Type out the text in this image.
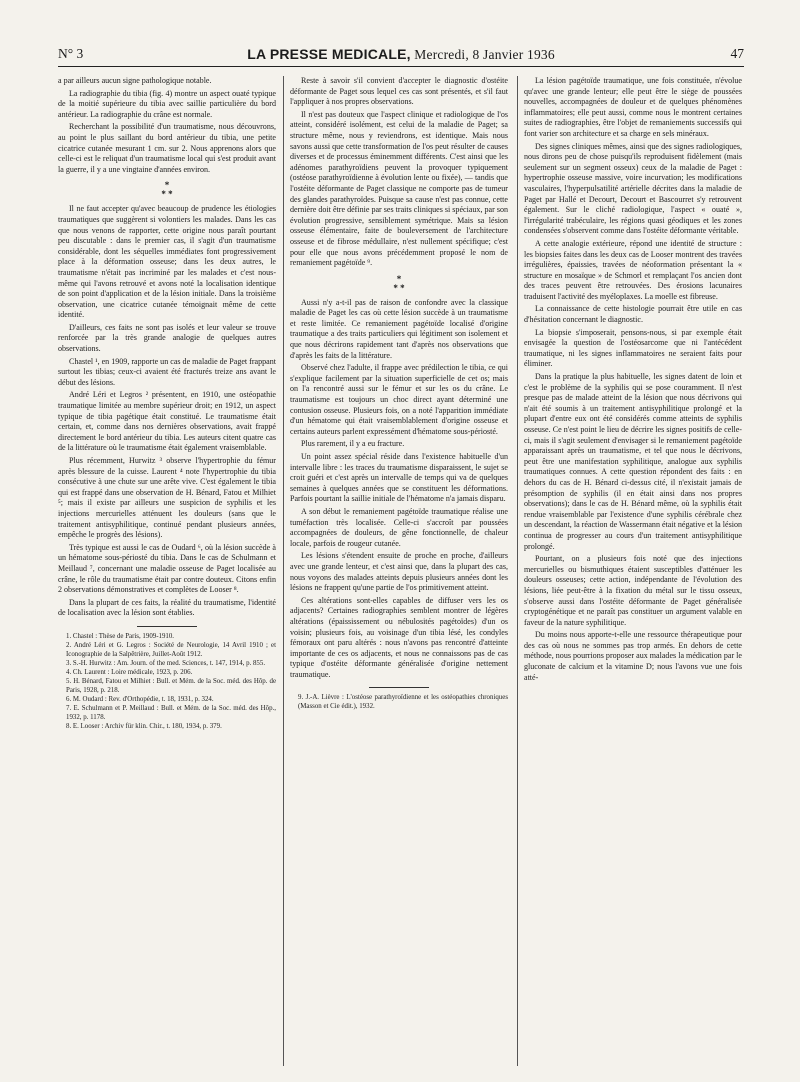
N° 3	LA PRESSE MEDICALE, Mercredi, 8 Janvier 1936	47

a par ailleurs aucun signe pathologique notable.

La radiographie du tibia (fig. 4) montre un aspect ouaté typique de la moitié supérieure du tibia avec saillie particulière du bord antérieur. La radiographie du crâne est normale.

Recherchant la possibilité d'un traumatisme, nous découvrons, au point le plus saillant du bord antérieur du tibia, une petite cicatrice cutanée mesurant 1 cm. sur 2. Nous apprenons alors que celle-ci est le reliquat d'un traumatisme local qui s'est produit avant la guerre, il y a une vingtaine d'années environ.

*
* *

Il ne faut accepter qu'avec beaucoup de prudence les étiologies traumatiques que suggèrent si volontiers les malades. Dans les cas que nous venons de rapporter, cette origine nous paraît pourtant peu discutable : dans le premier cas, il s'agit d'un traumatisme considérable, dont les séquelles immédiates font progressivement place à la déformation osseuse; dans les deux autres, le traumatisme n'était pas incriminé par les malades et c'est nous-même qui l'avons retrouvé et avons noté la localisation identique de son point d'application et de la lésion initiale. Dans la troisième observation, une cicatrice cutanée témoignait même de cette identité.

D'ailleurs, ces faits ne sont pas isolés et leur valeur se trouve renforcée par la très grande analogie de quelques autres observations.

Chastel ¹, en 1909, rapporte un cas de maladie de Paget frappant surtout les tibias; ceux-ci avaient été fracturés treize ans avant le début des lésions.

André Léri et Legros ² présentent, en 1910, une ostéopathie traumatique limitée au membre supérieur droit; en 1912, un aspect typique de tibia pagétique était constitué. Le traumatisme était certain, et, comme dans nos dernières observations, avait frappé directement le bord antérieur du tibia. Les auteurs citent quatre cas de la littérature où le traumatisme était également vraisemblable.

Plus récemment, Hurwitz ³ observe l'hypertrophie du fémur après blessure de la cuisse. Laurent ⁴ note l'hypertrophie du tibia consécutive à une chute sur une arête vive. C'est également le tibia qui est frappé dans une observation de H. Bénard, Fatou et Milhiet ⁵; mais il existe par ailleurs une suspicion de syphilis et les injections mercurielles atténuent les douleurs (sans que le traitement antisyphilitique, continué pendant plusieurs années, empêche le progrès des lésions).

Très typique est aussi le cas de Oudard ⁶, où la lésion succède à un hématome sous-périosté du tibia. Dans le cas de Schulmann et Meillaud ⁷, concernant une maladie osseuse de Paget localisée au crâne, le rôle du traumatisme était par contre douteux. Citons enfin 2 observations démonstratives et complètes de Looser ⁸.

Dans la plupart de ces faits, la réalité du traumatisme, l'identité de localisation avec la lésion sont établies.

1. Chastel : Thèse de Paris, 1909-1910.
2. André Léri et G. Legros : Société de Neurologie, 14 Avril 1910 ; et Iconographie de la Salpêtrière, Juillet-Août 1912.
3. S.-H. Hurwitz : Am. Journ. of the med. Sciences, t. 147, 1914, p. 855.
4. Ch. Laurent : Loire médicale, 1923, p. 206.
5. H. Bénard, Fatou et Milhiet : Bull. et Mém. de la Soc. méd. des Hôp. de Paris, 1928, p. 218.
6. M. Oudard : Rev. d'Orthopédie, t. 18, 1931, p. 324.
7. E. Schulmann et P. Meillaud : Bull. et Mém. de la Soc. méd. des Hôp., 1932, p. 1178.
8. E. Looser : Archiv für klin. Chir., t. 180, 1934, p. 379.

Reste à savoir s'il convient d'accepter le diagnostic d'ostéite déformante de Paget sous lequel ces cas sont présentés, et s'il faut l'appliquer à nos propres observations.

Il n'est pas douteux que l'aspect clinique et radiologique de l'os atteint, considéré isolément, est celui de la maladie de Paget; sa structure même, nous y reviendrons, est identique. Mais nous savons aussi que cette transformation de l'os peut résulter de causes diverses et de processus éminemment différents. C'est ainsi que les adénomes parathyroïdiens peuvent la provoquer typiquement (ostéose parathyroïdienne à évolution lente ou fixée), — tandis que l'ostéite déformante de Paget classique ne comporte pas de tumeur des glandes parathyroïdes. Puisque sa cause n'est pas connue, cette dernière doit être définie par ses traits cliniques si spéciaux, par son évolution progressive, sensiblement symétrique. Mais sa lésion osseuse élémentaire, faite de bouleversement de l'architecture osseuse et de fibrose médullaire, n'est nullement spécifique; c'est pour elle que nous avons précédemment proposé le nom de remaniement pagétoïde ⁹.

*
* *

Aussi n'y a-t-il pas de raison de confondre avec la classique maladie de Paget les cas où cette lésion succède à un traumatisme et reste limitée. Ce remaniement pagétoïde localisé d'origine traumatique a des traits particuliers qui légitiment son isolement et que nous décrirons rapidement tant d'après nos observations que d'après les faits de la littérature.

Observé chez l'adulte, il frappe avec prédilection le tibia, ce qui s'explique facilement par la situation superficielle de cet os; mais on l'a rencontré aussi sur le fémur et sur les os du crâne. Le traumatisme est toujours un choc direct ayant déterminé une contusion osseuse. Plusieurs fois, on a noté l'apparition immédiate d'un hématome qui était vraisemblablement d'origine osseuse et certains auteurs parlent expressément d'hématome sous-périosté.

Plus rarement, il y a eu fracture.

Un point assez spécial réside dans l'existence habituelle d'un intervalle libre : les traces du traumatisme disparaissent, le sujet se croit guéri et c'est après un intervalle de temps qui va de quelques semaines à quelques années que se constituent les déformations. Parfois pourtant la saillie initiale de l'hématome n'a jamais disparu.

A son début le remaniement pagétoïde traumatique réalise une tuméfaction très localisée. Celle-ci s'accroît par poussées accompagnées de douleurs, de gêne fonctionnelle, de chaleur locale, parfois de rougeur cutanée.

Les lésions s'étendent ensuite de proche en proche, d'ailleurs avec une grande lenteur, et c'est ainsi que, dans la plupart des cas, nous voyons des malades atteints depuis plusieurs années dont les lésions ne frappent qu'une partie de l'os primitivement atteint.

Ces altérations sont-elles capables de diffuser vers les os adjacents? Certaines radiographies semblent montrer de légères altérations (épaississement ou nébulosités pagétoïdes) d'un os voisin; plusieurs fois, au voisinage d'un tibia lésé, les condyles fémoraux ont paru altérés : nous n'avons pas rencontré d'atteinte importante de ces os adjacents, et nous ne connaissons pas de cas typique d'ostéite déformante généralisée d'origine nettement traumatique.

9. J.-A. Lièvre : L'ostéose parathyroïdienne et les ostéopathies chroniques (Masson et Cie édit.), 1932.

La lésion pagétoïde traumatique, une fois constituée, n'évolue qu'avec une grande lenteur; elle peut être le siège de poussées nouvelles, accompagnées de douleur et de quelques phénomènes inflammatoires; elle peut aussi, comme nous le montrent certaines suites de radiographies, être l'objet de remaniements successifs qui font varier son architecture et sa charge en sels minéraux.

Des signes cliniques mêmes, ainsi que des signes radiologiques, nous dirons peu de chose puisqu'ils reproduisent fidèlement (mais seulement sur un segment osseux) ceux de la maladie de Paget : hypertrophie osseuse massive, voire incurvation; les modifications vasculaires, l'hyperpulsatilité artérielle décrites dans la maladie de Paget par Hallé et Decourt, Decourt et Bascourret s'y retrouvent également. Sur le cliché radiologique, l'aspect « ouaté », l'irrégularité trabéculaire, les régions quasi géodiques et les zones condensées s'observent comme dans l'ostéite déformante véritable.

A cette analogie extérieure, répond une identité de structure : les biopsies faites dans les deux cas de Looser montrent des travées irrégulières, épaissies, travées de néoformation présentant la « structure en mosaïque » de Schmorl et remplaçant l'os ancien dont des traces peuvent être retrouvées. Des érosions lacunaires traduisent l'activité des myéloplaxes. La moelle est fibreuse.

La connaissance de cette histologie pourrait être utile en cas d'hésitation concernant le diagnostic.

La biopsie s'imposerait, pensons-nous, si par exemple était envisagée la question de l'ostéosarcome que ni l'antécédent traumatique, ni les signes inflammatoires ne seraient faits pour éliminer.

Dans la pratique la plus habituelle, les signes datent de loin et c'est le problème de la syphilis qui se pose couramment. Il n'est presque pas de malade atteint de la lésion que nous décrivons qui n'ait été soumis à un traitement antisyphilitique prolongé et la plupart d'entre eux ont été considérés comme atteints de syphilis osseuse. Ce n'est point le lieu de décrire les signes positifs de celle-ci, mais il s'agit seulement d'envisager si le remaniement pagétoïde apparaissant après un traumatisme, et tel que nous le décrivons, peut être une manifestation syphilitique, analogue aux syphilis traumatiques connues. A cette question répondent des faits : en dehors du cas de H. Bénard ci-dessus cité, il n'existait jamais de présomption de syphilis (il en était ainsi dans nos propres observations); dans le cas de H. Bénard même, où la syphilis était rendue vraisemblable par l'existence d'une syphilis cérébrale chez un descendant, la réaction de Wassermann était négative et la lésion continua de progresser au cours d'un traitement antisyphilitique prolongé.

Pourtant, on a plusieurs fois noté que des injections mercurielles ou bismuthiques étaient susceptibles d'atténuer les douleurs osseuses; cette action, indépendante de l'évolution des lésions, liée peut-être à la fixation du métal sur le tissu osseux, s'observe aussi dans l'ostéite déformante de Paget généralisée cryptogénétique et ne paraît pas constituer un argument valable en faveur de la nature syphilitique.

Du moins nous apporte-t-elle une ressource thérapeutique pour des cas où nous ne sommes pas trop armés. En dehors de cette méthode, nous pourrions proposer aux malades la médication par le gluconate de calcium et la vitamine D; nous l'avons vue une fois atté-
